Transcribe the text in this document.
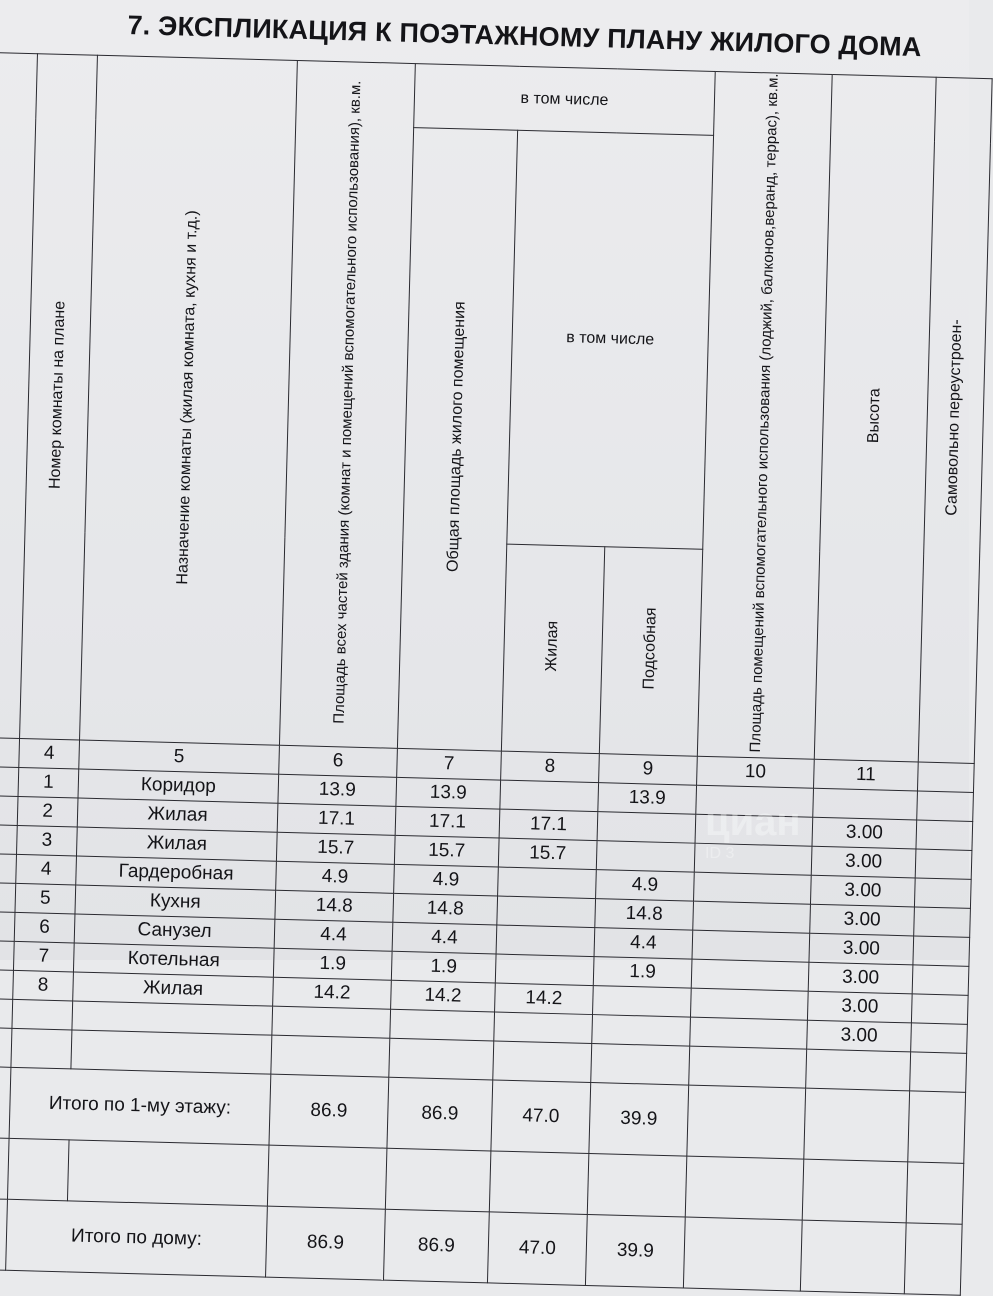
7. ЭКСПЛИКАЦИЯ К ПОЭТАЖНОМУ ПЛАНУ ЖИЛОГО ДОМА
	Номер комнаты на плане	Назначение комнаты (жилая комната, кухня и т.д.)	Площадь всех частей здания (комнат и помещений вспомогательного использования), кв.м.	в том числе			Площадь помещений вспомогательного использования (лоджий, балконов,веранд, террас), кв.м.	Высота	Самовольно переустроен-
				Общая площадь жилого помещения	в том числе				
					Жилая	Подсобная			
	4	5	6	7	8	9	10	11	
	1	Коридор	13.9	13.9		13.9			
	2	Жилая	17.1	17.1	17.1			3.00	
	3	Жилая	15.7	15.7	15.7			3.00	
	4	Гардеробная	4.9	4.9		4.9		3.00	
	5	Кухня	14.8	14.8		14.8		3.00	
	6	Санузел	4.4	4.4		4.4		3.00	
	7	Котельная	1.9	1.9		1.9		3.00	
	8	Жилая	14.2	14.2	14.2			3.00	
								3.00	

	Итого по 1-му этажу:		86.9	86.9	47.0	39.9			

	Итого по дому:		86.9	86.9	47.0	39.9			
циан
ID 3
